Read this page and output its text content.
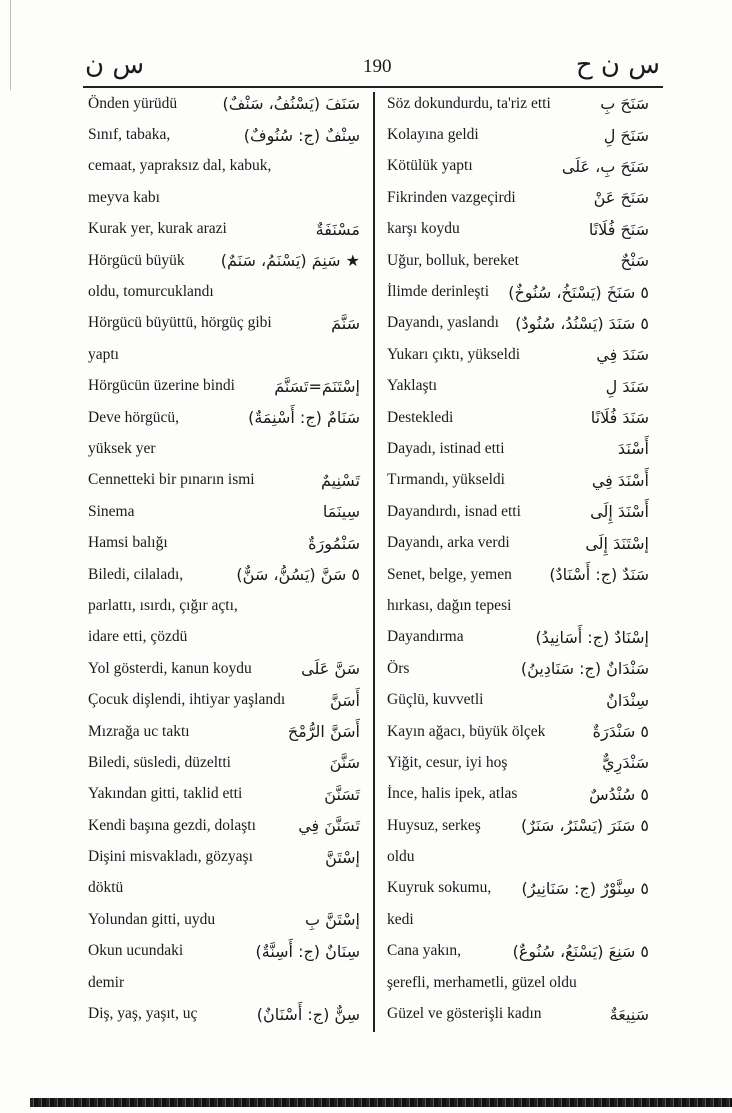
س ن	190	س ن ح
Önden yürüdü	سَنَفَ (يَسْنُفُ، سَنْفٌ)
Sınıf, tabaka,	سِنْفٌ (ج: سُنُوفٌ)
cemaat, yapraksız dal, kabuk,
meyva kabı
Kurak yer, kurak arazi	مَسْنَفَةٌ
Hörgücü büyük ★ سَنِمَ (يَسْنَمُ، سَنَمٌ)
oldu, tomurcuklandı
Hörgücü büyüttü, hörgüç gibi	سَنَّمَ
yaptı
Hörgücün üzerine bindi إسْتَنَمَ=تَسَنَّمَ
Deve hörgücü,	سَنَامٌ (ج: أَسْنِمَةٌ)
yüksek yer
Cennetteki bir pınarın ismi	تَسْنِيمٌ
Sinema	سِينَمَا
Hamsi balığı	سَنْمُورَةٌ
Biledi, cilaladı,	٥ سَنَّ (يَسُنُّ، سَنٌّ)
parlattı, ısırdı, çığır açtı,
idare etti, çözdü
Yol gösterdi, kanun koydu	سَنَّ عَلَى
Çocuk dişlendi, ihtiyar yaşlandı	أَسَنَّ
Mızrağa uc taktı	أَسَنَّ الرُّمْحَ
Biledi, süsledi, düzeltti	سَنَّنَ
Yakından gitti, taklid etti	تَسَنَّنَ
Kendi başına gezdi, dolaştı	تَسَنَّنَ فِي
Dişini misvakladı, gözyaşı	إسْتَنَّ
döktü
Yolundan gitti, uydu	إسْتَنَّ بِ
Okun ucundaki	سِنَانٌ (ج: أَسِنَّةٌ)
demir
Diş, yaş, yaşıt, uç	سِنٌّ (ج: أَسْنَانٌ)
Söz dokundurdu, ta'riz etti	سَنَحَ بِ
Kolayına geldi	سَنَحَ لِ
Kötülük yaptı	سَنَحَ بِ، عَلَى
Fikrinden vazgeçirdi	سَنَحَ عَنْ
karşı koydu	سَنَحَ فُلَانًا
Uğur, bolluk, bereket	سَنْحٌ
İlimde derinleşti ٥ سَنَخَ (يَسْنَخُ، سُنُوخٌ)
Dayandı, yaslandı ٥ سَنَدَ (يَسْنُدُ، سُنُودٌ)
Yukarı çıktı, yükseldi	سَنَدَ فِي
Yaklaştı	سَنَدَ لِ
Destekledi	سَنَدَ فُلَانًا
Dayadı, istinad etti	أَسْنَدَ
Tırmandı, yükseldi	أَسْنَدَ فِي
Dayandırdı, isnad etti	أَسْنَدَ إِلَى
Dayandı, arka verdi	إسْتَنَدَ إِلَى
Senet, belge, yemen سَنَدٌ (ج: أَسْنَادٌ)
hırkası, dağın tepesi
Dayandırma	إسْنَادٌ (ج: أَسَانِيدُ)
Örs	سَنْدَانٌ (ج: سَنَادِينُ)
Güçlü, kuvvetli	سِنْدَانٌ
Kayın ağacı, büyük ölçek	٥ سَنْدَرَةٌ
Yiğit, cesur, iyi hoş	سَنْدَرِيٌّ
İnce, halis ipek, atlas	٥ سُنْدُسٌ
Huysuz, serkeş	٥ سَنَرَ (يَسْنَرُ، سَنَرٌ)
oldu
Kuyruk sokumu, ٥ سِنَّوْرٌ (ج: سَنَانِيرُ)
kedi
Cana yakın,	٥ سَنِعَ (يَسْنَعُ، سُنُوعٌ)
şerefli, merhametli, güzel oldu
Güzel ve gösterişli kadın	سَنِيعَةٌ
